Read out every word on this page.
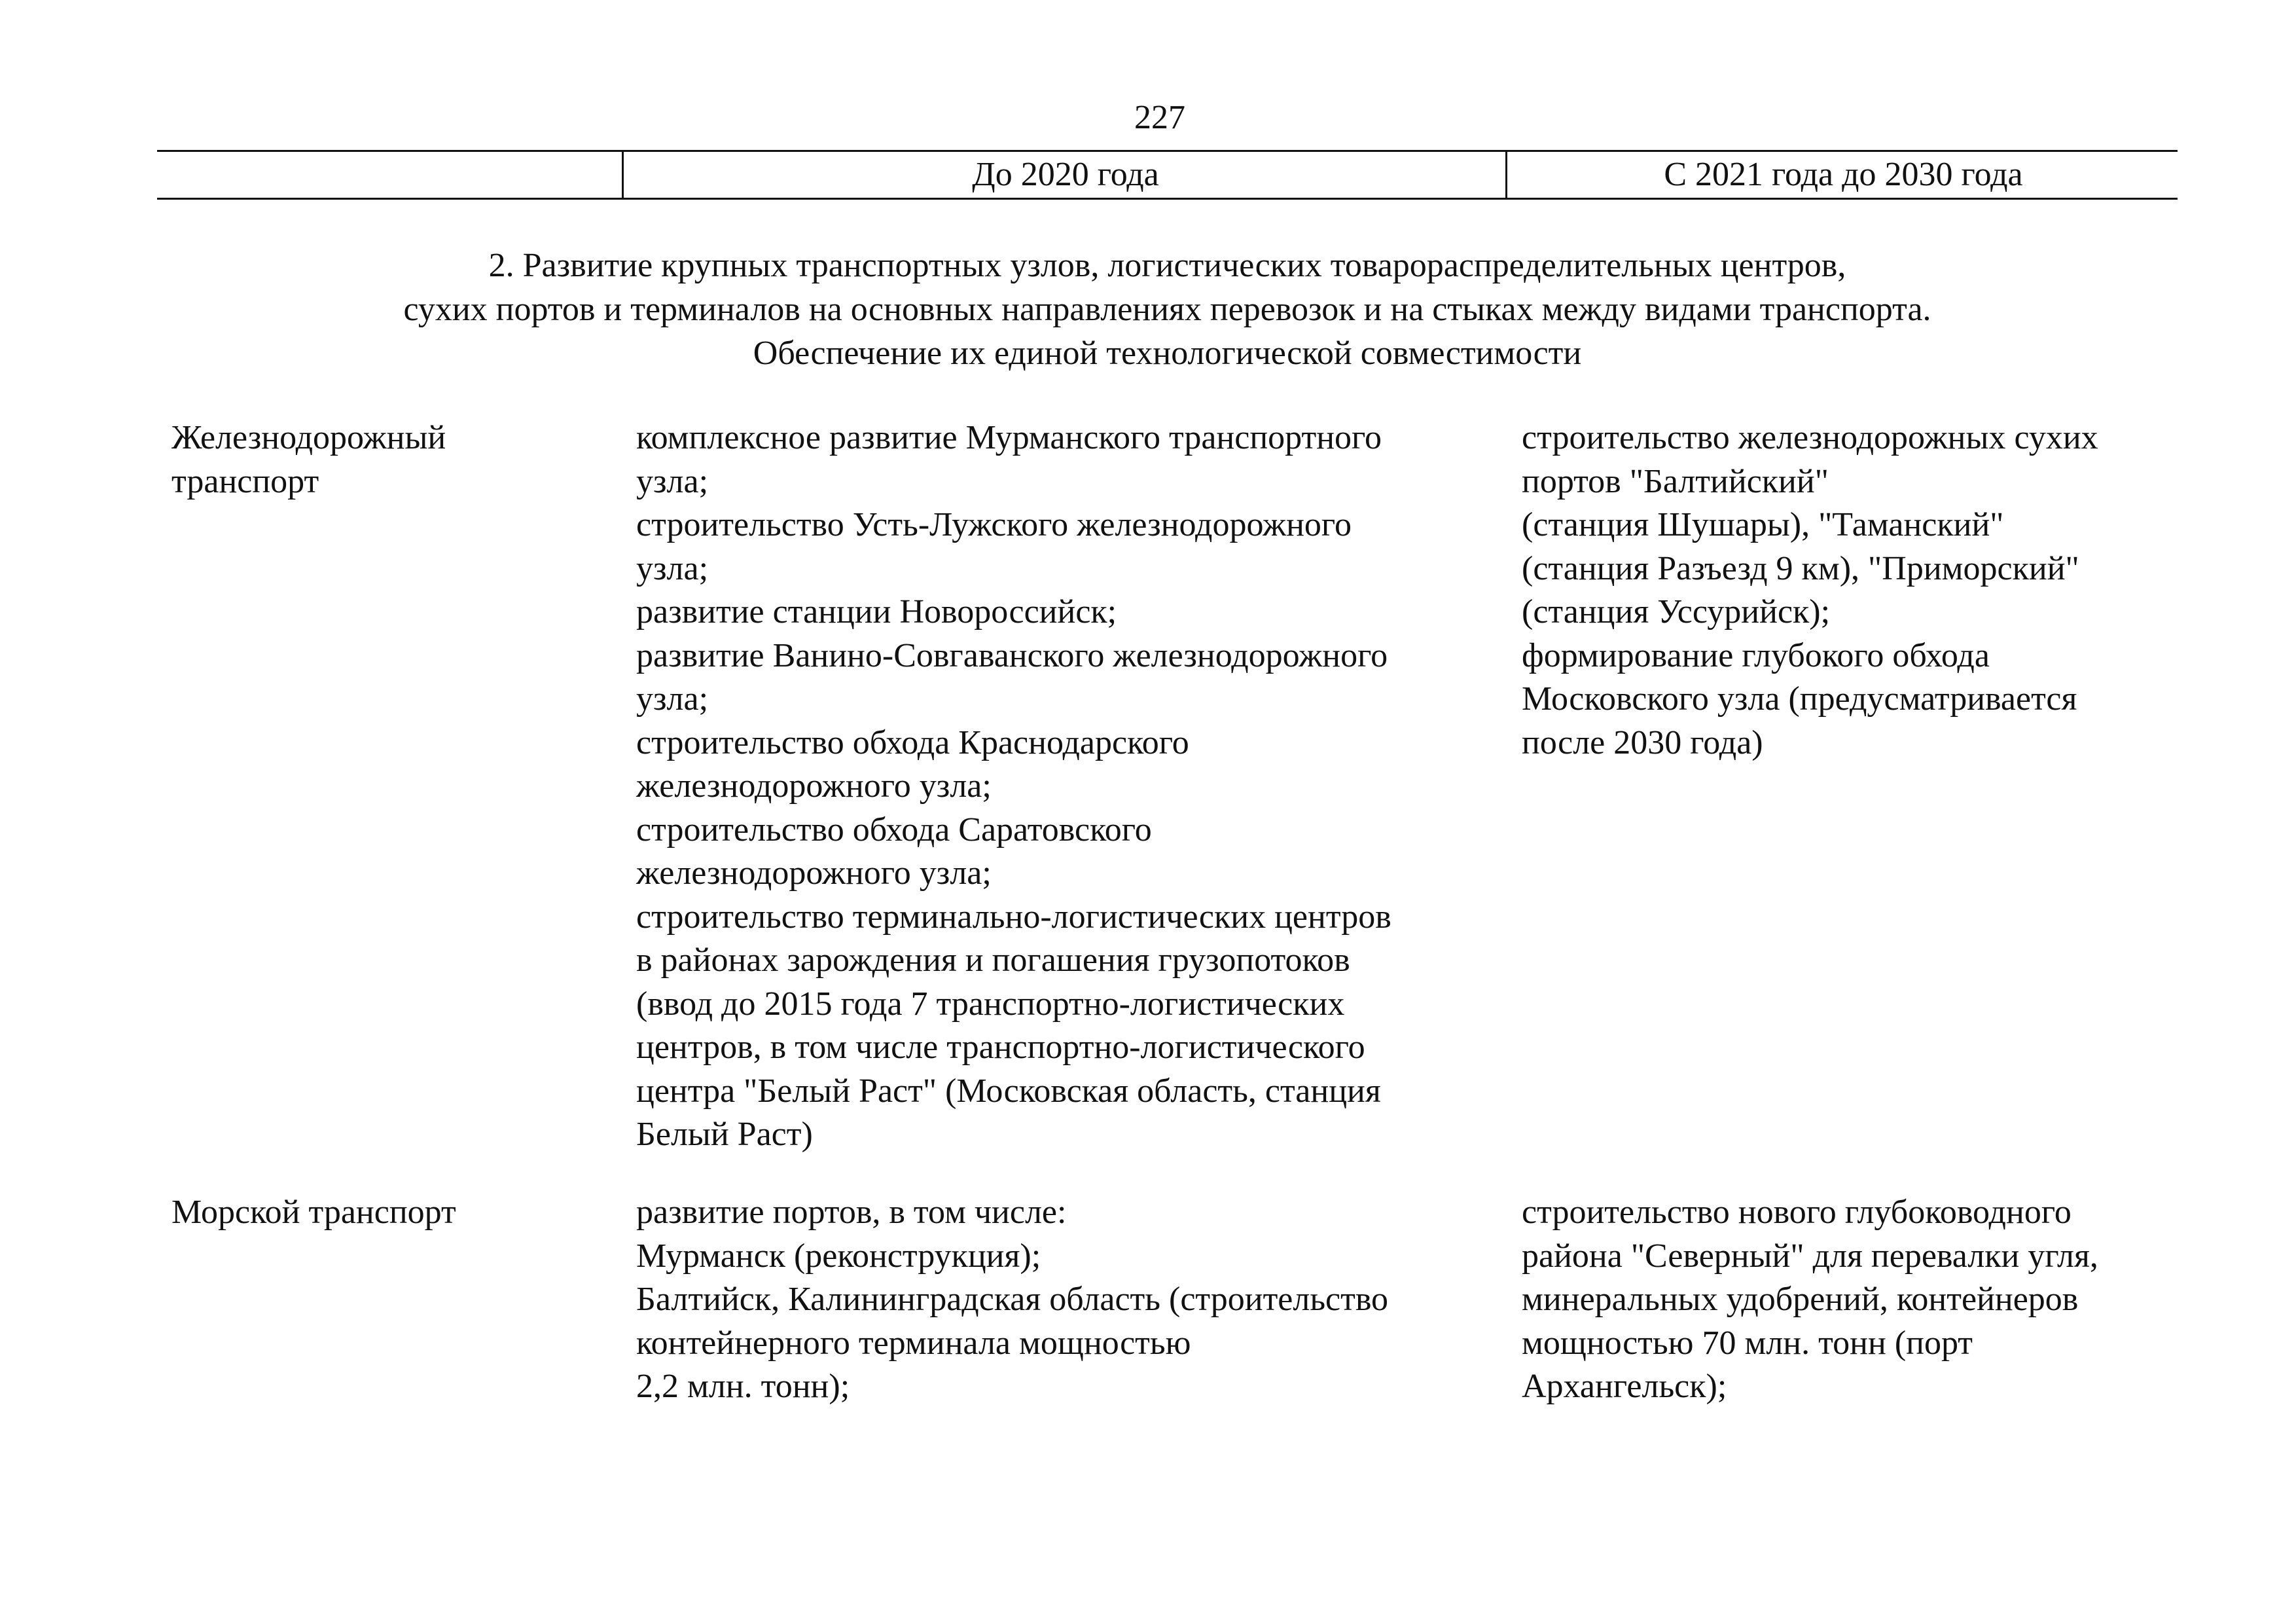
227
До 2020 года	С 2021 года до 2030 года
2. Развитие крупных транспортных узлов, логистических товарораспределительных центров,
сухих портов и терминалов на основных направлениях перевозок и на стыках между видами транспорта.
Обеспечение их единой технологической совместимости
Железнодорожный
транспорт
комплексное развитие Мурманского транспортного
узла;
строительство Усть-Лужского железнодорожного
узла;
развитие станции Новороссийск;
развитие Ванино-Совгаванского железнодорожного
узла;
строительство обхода Краснодарского
железнодорожного узла;
строительство обхода Саратовского
железнодорожного узла;
строительство терминально-логистических центров
в районах зарождения и погашения грузопотоков
(ввод до 2015 года 7 транспортно-логистических
центров, в том числе транспортно-логистического
центра "Белый Раст" (Московская область, станция
Белый Раст)
строительство железнодорожных сухих
портов "Балтийский"
(станция Шушары), "Таманский"
(станция Разъезд 9 км), "Приморский"
(станция Уссурийск);
формирование глубокого обхода
Московского узла (предусматривается
после 2030 года)
Морской транспорт	развитие портов, в том числе:
Мурманск (реконструкция);
Балтийск, Калининградская область (строительство
контейнерного терминала мощностью
2,2 млн. тонн);
строительство нового глубоководного
района "Северный" для перевалки угля,
минеральных удобрений, контейнеров
мощностью 70 млн. тонн (порт
Архангельск);
